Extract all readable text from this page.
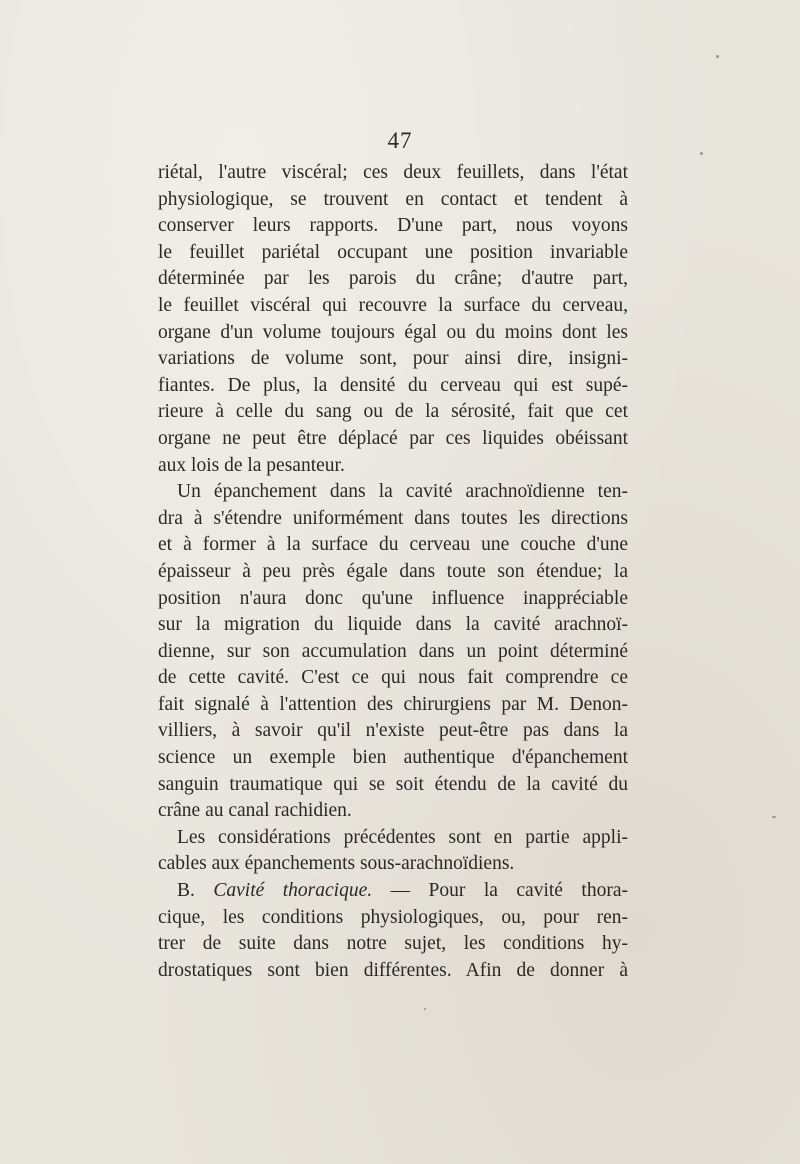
47
riétal, l'autre viscéral; ces deux feuillets, dans l'état
physiologique, se trouvent en contact et tendent à
conserver leurs rapports. D'une part, nous voyons
le feuillet pariétal occupant une position invariable
déterminée par les parois du crâne; d'autre part,
le feuillet viscéral qui recouvre la surface du cerveau,
organe d'un volume toujours égal ou du moins dont les
variations de volume sont, pour ainsi dire, insigni-
fiantes. De plus, la densité du cerveau qui est supé-
rieure à celle du sang ou de la sérosité, fait que cet
organe ne peut être déplacé par ces liquides obéissant
aux lois de la pesanteur.
Un épanchement dans la cavité arachnoïdienne ten-
dra à s'étendre uniformément dans toutes les directions
et à former à la surface du cerveau une couche d'une
épaisseur à peu près égale dans toute son étendue; la
position n'aura donc qu'une influence inappréciable
sur la migration du liquide dans la cavité arachnoï-
dienne, sur son accumulation dans un point déterminé
de cette cavité. C'est ce qui nous fait comprendre ce
fait signalé à l'attention des chirurgiens par M. Denon-
villiers, à savoir qu'il n'existe peut-être pas dans la
science un exemple bien authentique d'épanchement
sanguin traumatique qui se soit étendu de la cavité du
crâne au canal rachidien.
Les considérations précédentes sont en partie appli-
cables aux épanchements sous-arachnoïdiens.
B. Cavité thoracique. — Pour la cavité thora-
cique, les conditions physiologiques, ou, pour ren-
trer de suite dans notre sujet, les conditions hy-
drostatiques sont bien différentes. Afin de donner à
